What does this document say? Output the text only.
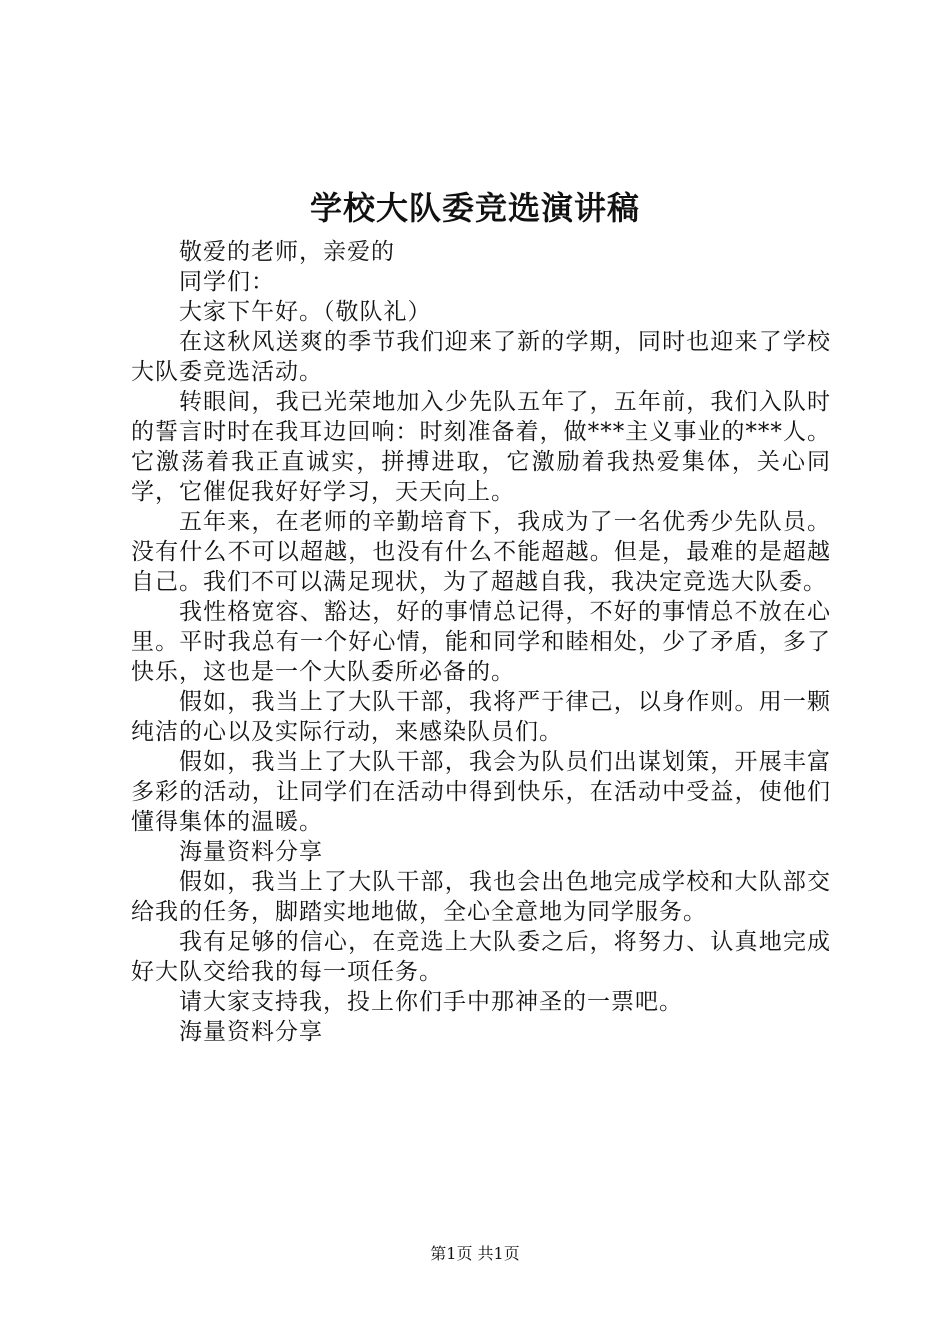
学校大队委竞选演讲稿

敬爱的老师，亲爱的

同学们：

大家下午好。（敬队礼）

在这秋风送爽的季节我们迎来了新的学期，同时也迎来了学校大队委竞选活动。

转眼间，我已光荣地加入少先队五年了，五年前，我们入队时的誓言时时在我耳边回响：时刻准备着，做***主义事业的***人。它激荡着我正直诚实，拼搏进取，它激励着我热爱集体，关心同学，它催促我好好学习，天天向上。

五年来，在老师的辛勤培育下，我成为了一名优秀少先队员。没有什么不可以超越，也没有什么不能超越。但是，最难的是超越自己。我们不可以满足现状，为了超越自我，我决定竞选大队委。

我性格宽容、豁达，好的事情总记得，不好的事情总不放在心里。平时我总有一个好心情，能和同学和睦相处，少了矛盾，多了快乐，这也是一个大队委所必备的。

假如，我当上了大队干部，我将严于律己，以身作则。用一颗纯洁的心以及实际行动，来感染队员们。

假如，我当上了大队干部，我会为队员们出谋划策，开展丰富多彩的活动，让同学们在活动中得到快乐，在活动中受益，使他们懂得集体的温暖。

海量资料分享

假如，我当上了大队干部，我也会出色地完成学校和大队部交给我的任务，脚踏实地地做，全心全意地为同学服务。

我有足够的信心，在竞选上大队委之后，将努力、认真地完成好大队交给我的每一项任务。

请大家支持我，投上你们手中那神圣的一票吧。

海量资料分享

第1页 共1页
